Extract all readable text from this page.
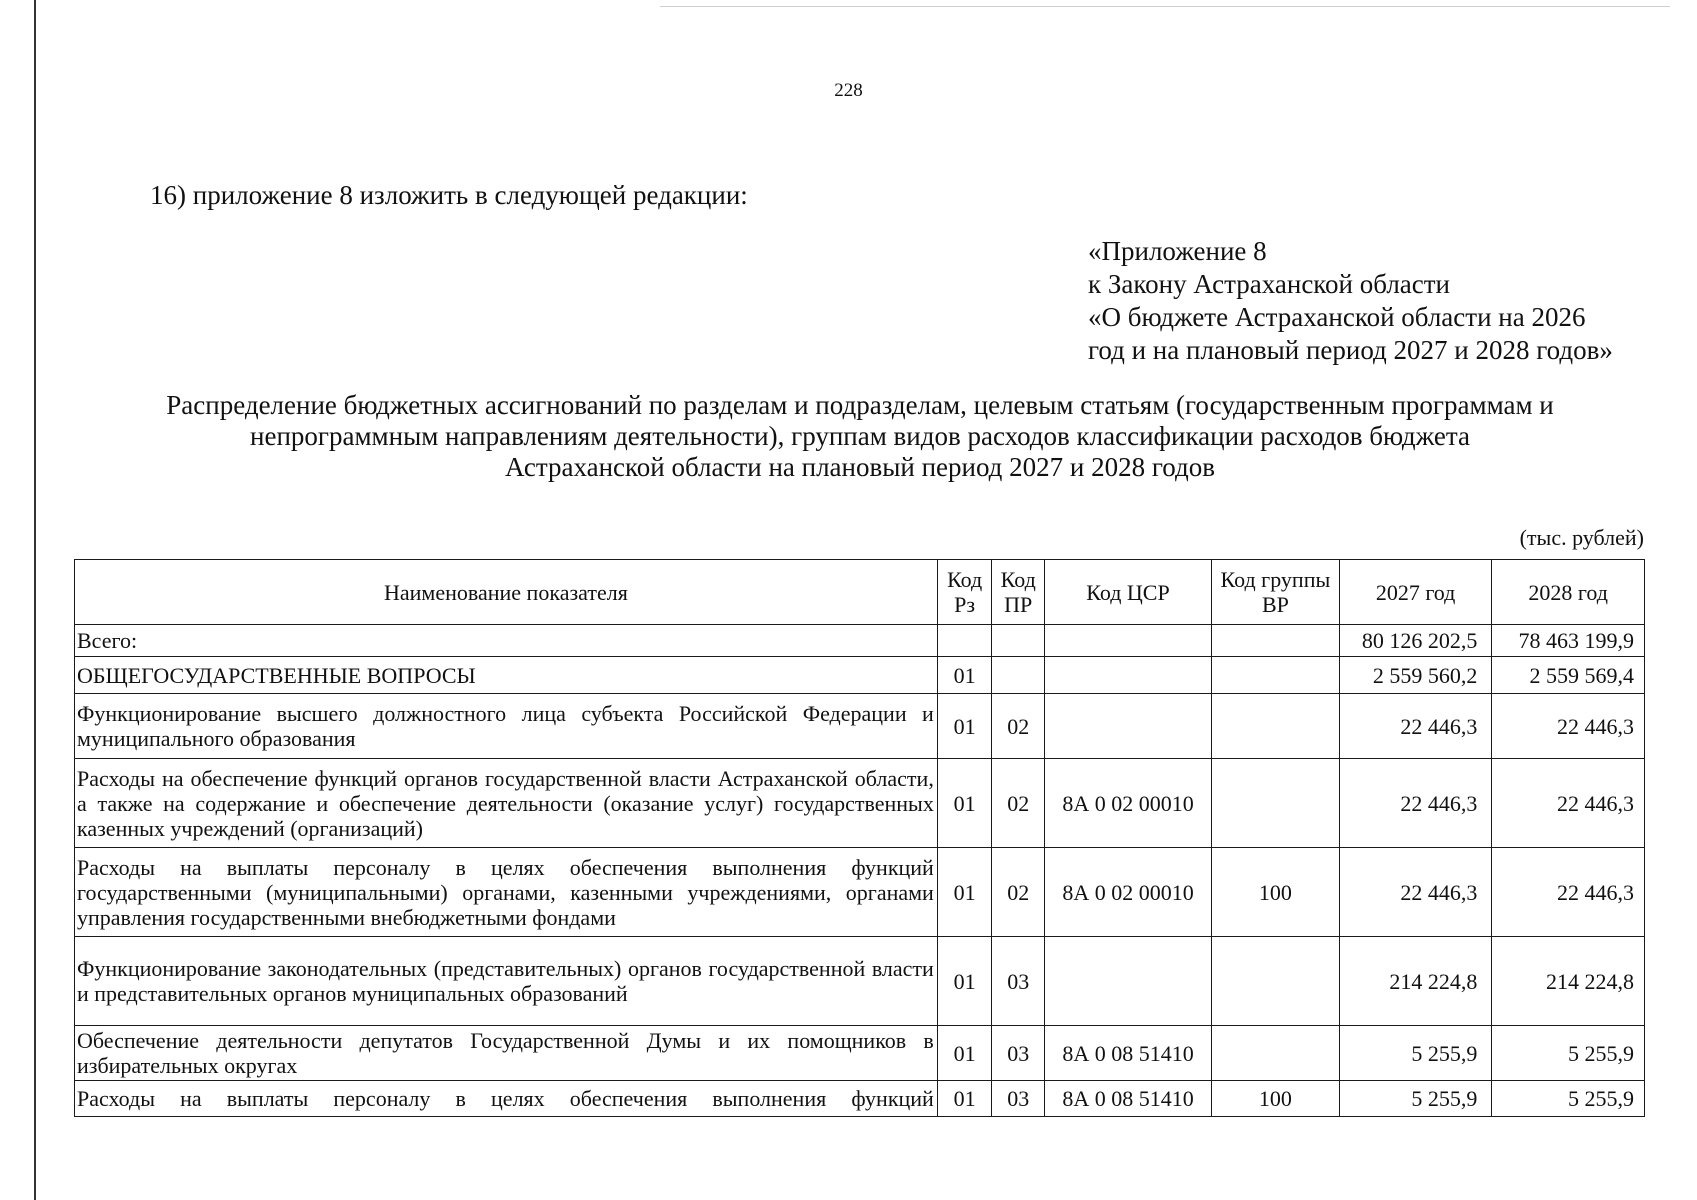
228
16) приложение 8 изложить в следующей редакции:
«Приложение 8
к Закону Астраханской области
«О бюджете Астраханской области на 2026
год и на плановый период 2027 и 2028 годов»
Распределение бюджетных ассигнований по разделам и подразделам, целевым статьям (государственным программам и
непрограммным направлениям деятельности), группам видов расходов классификации расходов бюджета
Астраханской области на плановый период 2027 и 2028 годов
(тыс. рублей)
Наименование показателя	Код Рз	Код ПР	Код ЦСР	Код группы ВР	2027 год	2028 год
Всего:					80 126 202,5	78 463 199,9
ОБЩЕГОСУДАРСТВЕННЫЕ ВОПРОСЫ	01				2 559 560,2	2 559 569,4
Функционирование высшего должностного лица субъекта Российской Федерации и муниципального образования	01	02			22 446,3	22 446,3
Расходы на обеспечение функций органов государственной власти Астраханской области, а также на содержание и обеспечение деятельности (оказание услуг) государственных казенных учреждений (организаций)	01	02	8А 0 02 00010		22 446,3	22 446,3
Расходы на выплаты персоналу в целях обеспечения выполнения функций государственными (муниципальными) органами, казенными учреждениями, органами управления государственными внебюджетными фондами	01	02	8А 0 02 00010	100	22 446,3	22 446,3
Функционирование законодательных (представительных) органов государственной власти и представительных органов муниципальных образований	01	03			214 224,8	214 224,8
Обеспечение деятельности депутатов Государственной Думы и их помощников в избирательных округах	01	03	8А 0 08 51410		5 255,9	5 255,9

Расходы на выплаты персоналу в целях обеспечения выполнения функций	01	03	8А 0 08 51410	100	5 255,9	5 255,9
